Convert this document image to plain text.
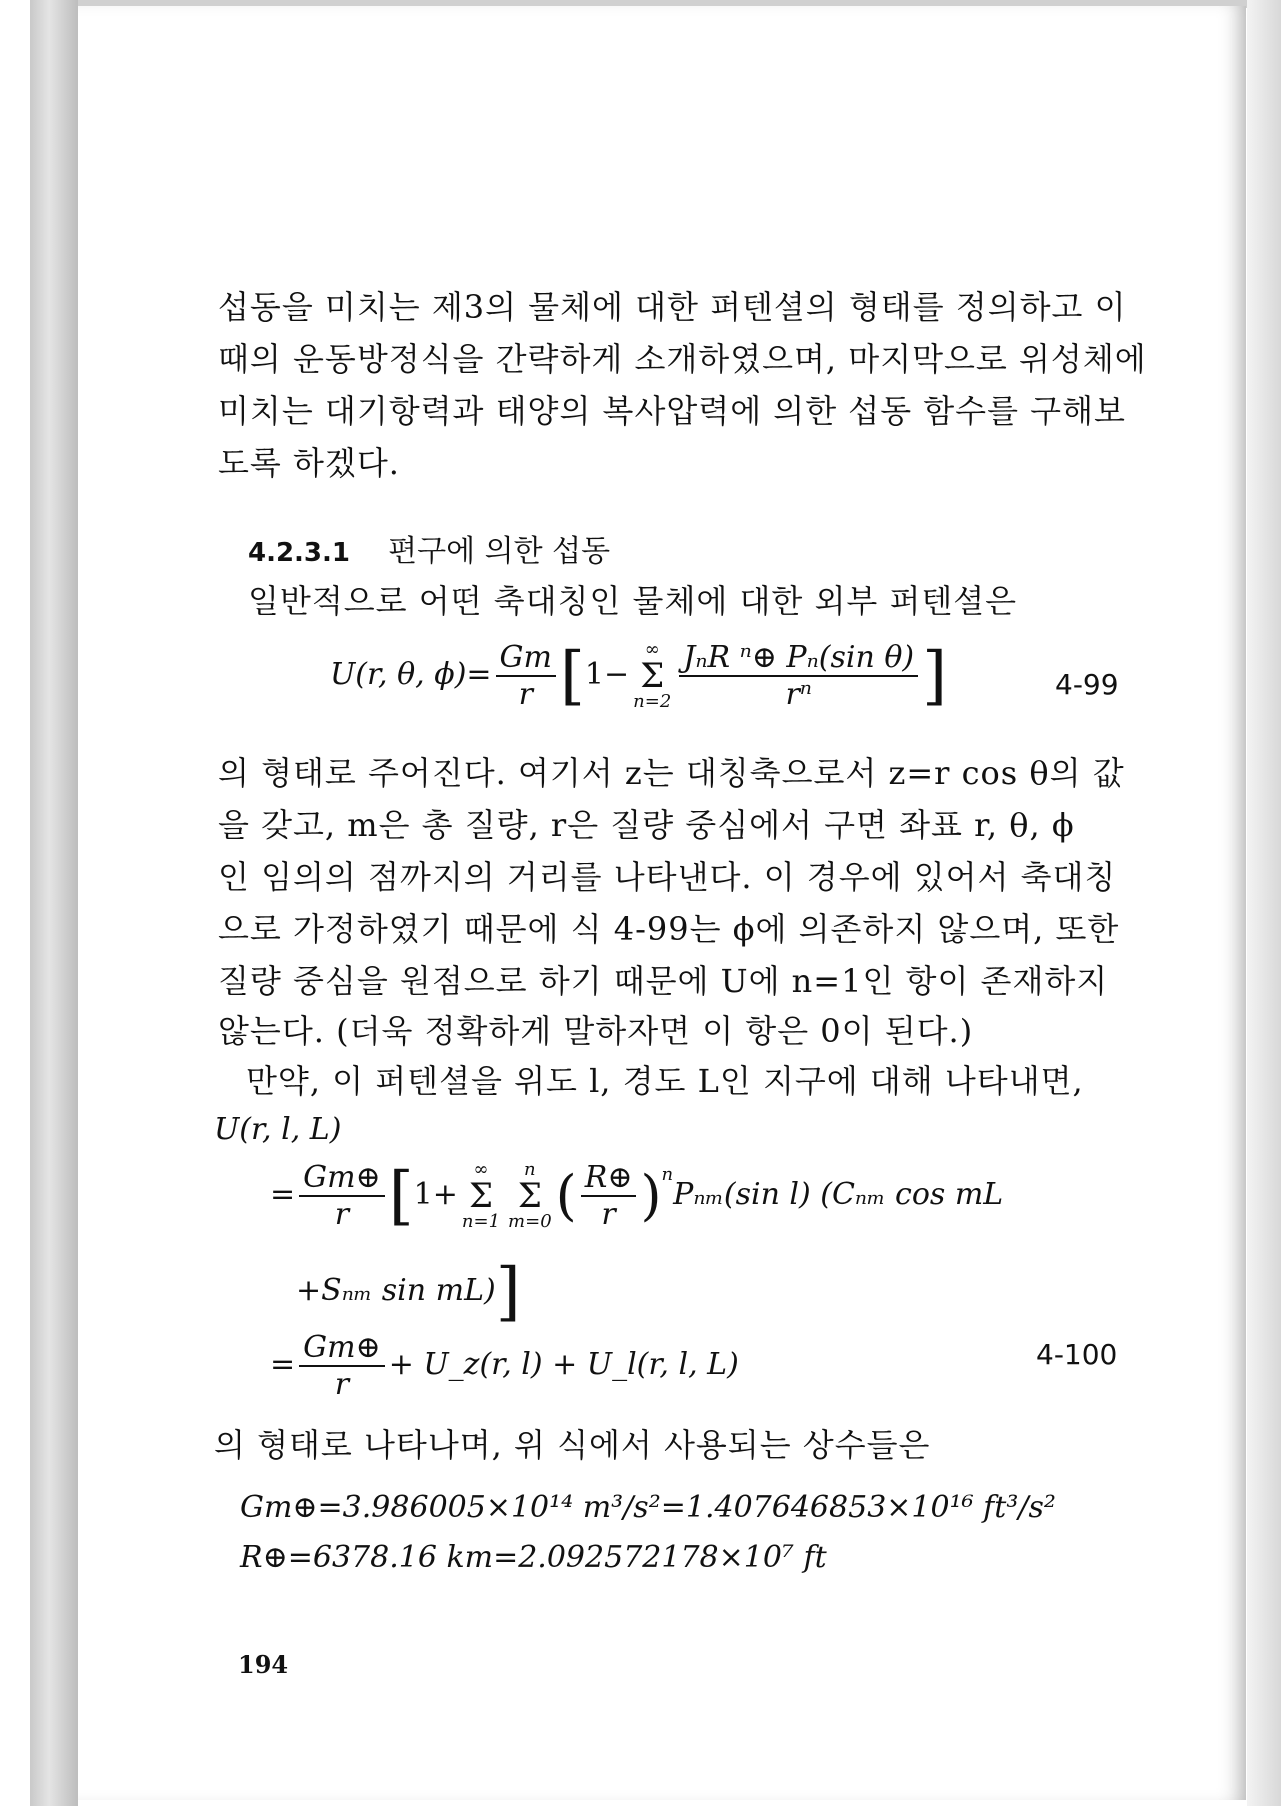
섭동을 미치는 제3의 물체에 대한 퍼텐셜의 형태를 정의하고 이
때의 운동방정식을 간략하게 소개하였으며, 마지막으로 위성체에
미치는 대기항력과 태양의 복사압력에 의한 섭동 함수를 구해보
도록 하겠다.
4.2.3.1 편구에 의한 섭동
일반적으로 어떤 축대칭인 물체에 대한 외부 퍼텐셜은
U(r, θ, $\phi)= \frac{Gm}{r} [1-\infty$
Σ
$n=2 \frac{\text{JₙR ⁿ⊕ Pₙ(sin θ)}}{\text{rⁿ}}$ ]	4-99
의 형태로 주어진다. 여기서 z는 대칭축으로서 z=r cos θ의 값
을 갖고, m은 총 질량, r은 질량 중심에서 구면 좌표 r, θ, ϕ
인 임의의 점까지의 거리를 나타낸다. 이 경우에 있어서 축대칭
으로 가정하였기 때문에 식 4-99는 ϕ에 의존하지 않으며, 또한
질량 중심을 원점으로 하기 때문에 U에 n=1인 항이 존재하지
않는다. (더욱 정확하게 말하자면 이 항은 0이 된다.)
만약, 이 퍼텐셜을 위도 l, 경도 L인 지구에 대해 나타내면,
U(r, l, L)
= $\frac{Gm\oplus}{r} [1+\infty$
Σ
n=1n
Σ
$m=0( \frac{R\oplus}{r} )^nP_{nm}(\sin$ l) (Cₙₘ cos mL
+Sₙₘ sin mL)]
= $\frac{Gm\oplus}{r}$ + U_z(r, l) + U_l(r, l, L)	4-100
의 형태로 나타나며, 위 식에서 사용되는 상수들은
Gm⊕=3.986005×10¹⁴ m³/s²=1.407646853×10¹⁶ ft³/s²
R⊕=6378.16 km=2.092572178×10⁷ ft
194
